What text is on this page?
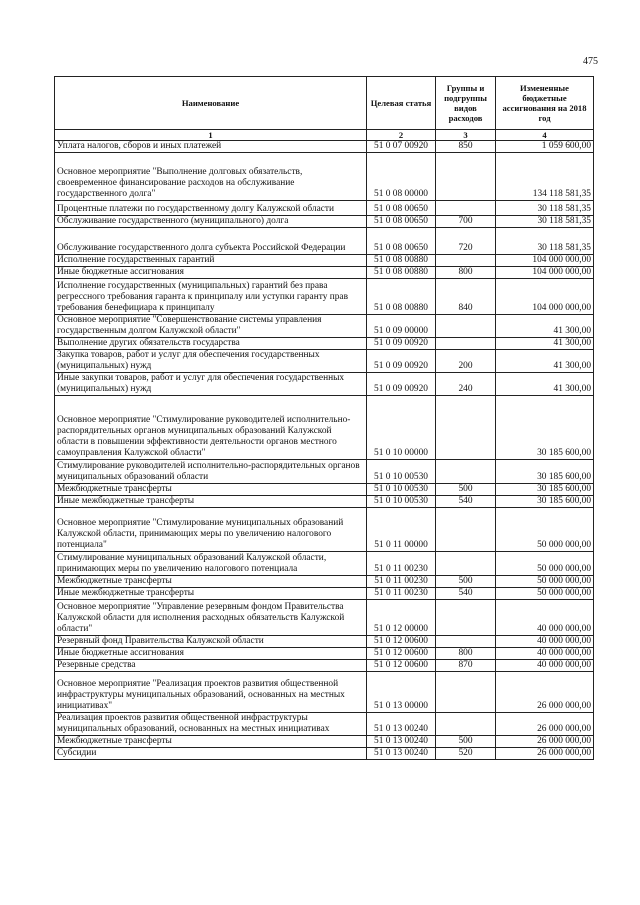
475
Наименование	Целевая статья	Группы и подгруппы видов расходов	Измененные бюджетные ассигнования на 2018 год
1	2	3	4
Уплата налогов, сборов и иных платежей	51 0 07 00920	850	1 059 600,00
Основное мероприятие "Выполнение долговых обязательств, своевременное финансирование расходов на обслуживание государственного долга"	51 0 08 00000		134 118 581,35
Процентные платежи по государственному долгу Калужской области	51 0 08 00650		30 118 581,35
Обслуживание государственного (муниципального) долга	51 0 08 00650	700	30 118 581,35
Обслуживание государственного долга субъекта Российской Федерации	51 0 08 00650	720	30 118 581,35
Исполнение государственных гарантий	51 0 08 00880		104 000 000,00
Иные бюджетные ассигнования	51 0 08 00880	800	104 000 000,00
Исполнение государственных (муниципальных) гарантий без права регрессного требования гаранта к принципалу или уступки гаранту прав требования бенефициара к принципалу	51 0 08 00880	840	104 000 000,00
Основное мероприятие "Совершенствование системы управления государственным долгом Калужской области"	51 0 09 00000		41 300,00
Выполнение других обязательств государства	51 0 09 00920		41 300,00
Закупка товаров, работ и услуг для обеспечения государственных (муниципальных) нужд	51 0 09 00920	200	41 300,00
Иные закупки товаров, работ и услуг для обеспечения государственных (муниципальных) нужд	51 0 09 00920	240	41 300,00
Основное мероприятие "Стимулирование руководителей исполнительно-распорядительных органов муниципальных образований Калужской области в повышении эффективности деятельности органов местного самоуправления Калужской области"	51 0 10 00000		30 185 600,00
Стимулирование руководителей исполнительно-распорядительных органов муниципальных образований области	51 0 10 00530		30 185 600,00
Межбюджетные трансферты	51 0 10 00530	500	30 185 600,00
Иные межбюджетные трансферты	51 0 10 00530	540	30 185 600,00
Основное мероприятие "Стимулирование муниципальных образований Калужской области, принимающих меры по увеличению налогового потенциала"	51 0 11 00000		50 000 000,00
Стимулирование муниципальных образований Калужской области, принимающих меры по увеличению налогового потенциала	51 0 11 00230		50 000 000,00
Межбюджетные трансферты	51 0 11 00230	500	50 000 000,00
Иные межбюджетные трансферты	51 0 11 00230	540	50 000 000,00
Основное мероприятие "Управление резервным фондом Правительства Калужской области для исполнения расходных обязательств Калужской области"	51 0 12 00000		40 000 000,00
Резервный фонд Правительства Калужской области	51 0 12 00600		40 000 000,00
Иные бюджетные ассигнования	51 0 12 00600	800	40 000 000,00
Резервные средства	51 0 12 00600	870	40 000 000,00
Основное мероприятие "Реализация проектов развития общественной инфраструктуры муниципальных образований, основанных на местных инициативах"	51 0 13 00000		26 000 000,00
Реализация проектов развития общественной инфраструктуры муниципальных образований, основанных на местных инициативах	51 0 13 00240		26 000 000,00
Межбюджетные трансферты	51 0 13 00240	500	26 000 000,00
Субсидии	51 0 13 00240	520	26 000 000,00
